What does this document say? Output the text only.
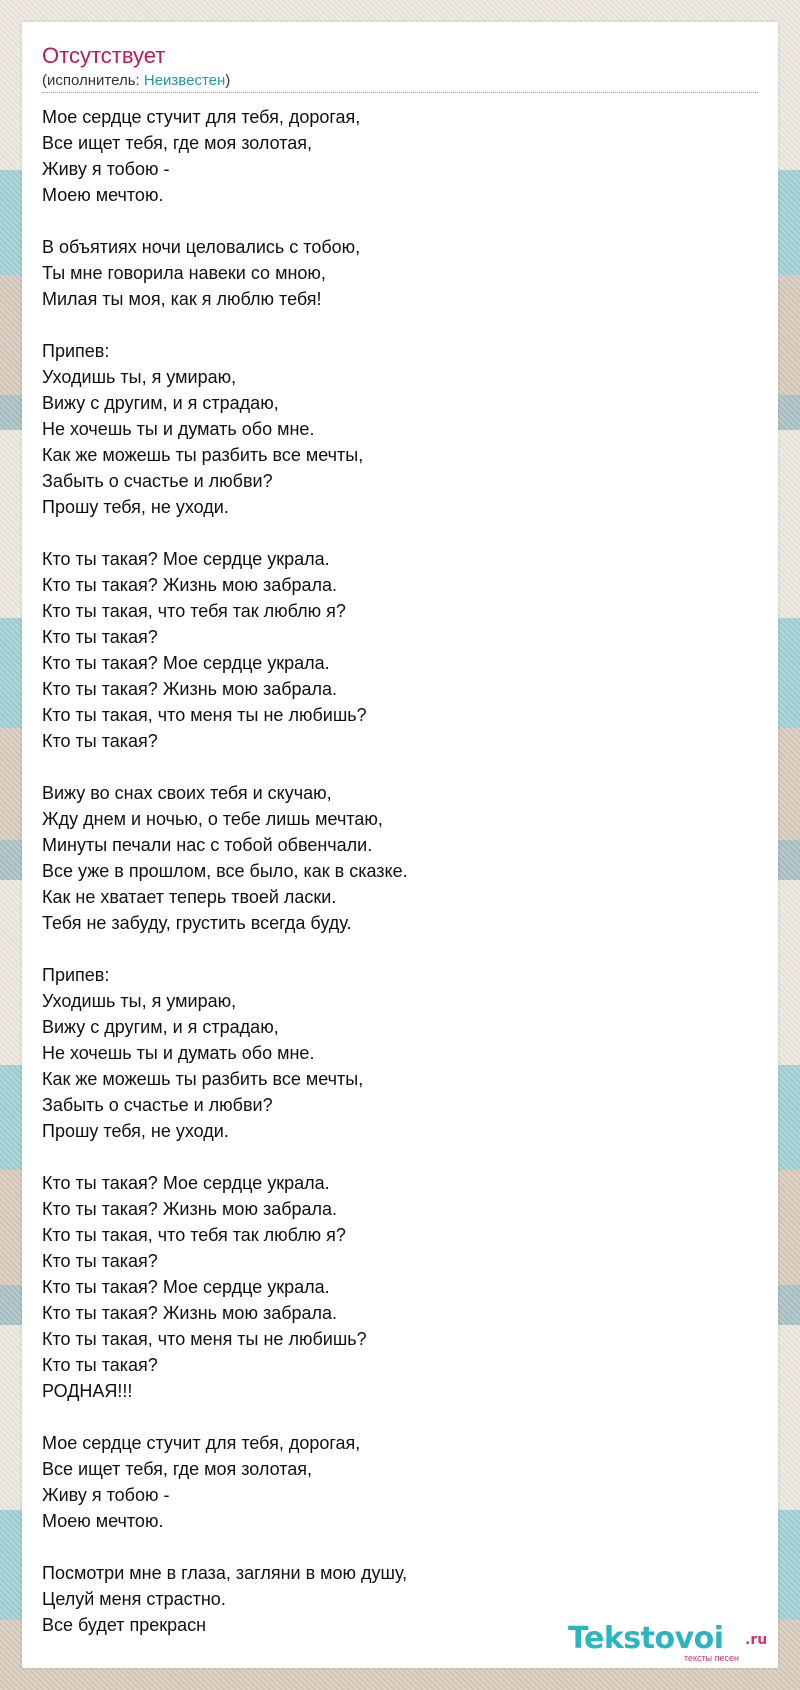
Отсутствует
(исполнитель: Неизвестен)
Мое сердце стучит для тебя, дорогая,
Все ищет тебя, где моя золотая,
Живу я тобою -
Моею мечтою.

В объятиях ночи целовались с тобою,
Ты мне говорила навеки со мною,
Милая ты моя, как я люблю тебя!

Припев:
Уходишь ты, я умираю,
Вижу с другим, и я страдаю,
Не хочешь ты и думать обо мне.
Как же можешь ты разбить все мечты,
Забыть о счастье и любви?
Прошу тебя, не уходи.

Кто ты такая? Мое сердце украла.
Кто ты такая? Жизнь мою забрала.
Кто ты такая, что тебя так люблю я?
Кто ты такая?
Кто ты такая? Мое сердце украла.
Кто ты такая? Жизнь мою забрала.
Кто ты такая, что меня ты не любишь?
Кто ты такая?

Вижу во снах своих тебя и скучаю,
Жду днем и ночью, о тебе лишь мечтаю,
Минуты печали нас с тобой обвенчали.
Все уже в прошлом, все было, как в сказке.
Как не хватает теперь твоей ласки.
Тебя не забуду, грустить всегда буду.

Припев:
Уходишь ты, я умираю,
Вижу с другим, и я страдаю,
Не хочешь ты и думать обо мне.
Как же можешь ты разбить все мечты,
Забыть о счастье и любви?
Прошу тебя, не уходи.

Кто ты такая? Мое сердце украла.
Кто ты такая? Жизнь мою забрала.
Кто ты такая, что тебя так люблю я?
Кто ты такая?
Кто ты такая? Мое сердце украла.
Кто ты такая? Жизнь мою забрала.
Кто ты такая, что меня ты не любишь?
Кто ты такая?
РОДНАЯ!!!

Мое сердце стучит для тебя, дорогая,
Все ищет тебя, где моя золотая,
Живу я тобою -
Моею мечтою.

Посмотри мне в глаза, загляни в мою душу,
Целуй меня страстно.
Все будет прекрасн	Tekstovoi .ru
тексты песен
